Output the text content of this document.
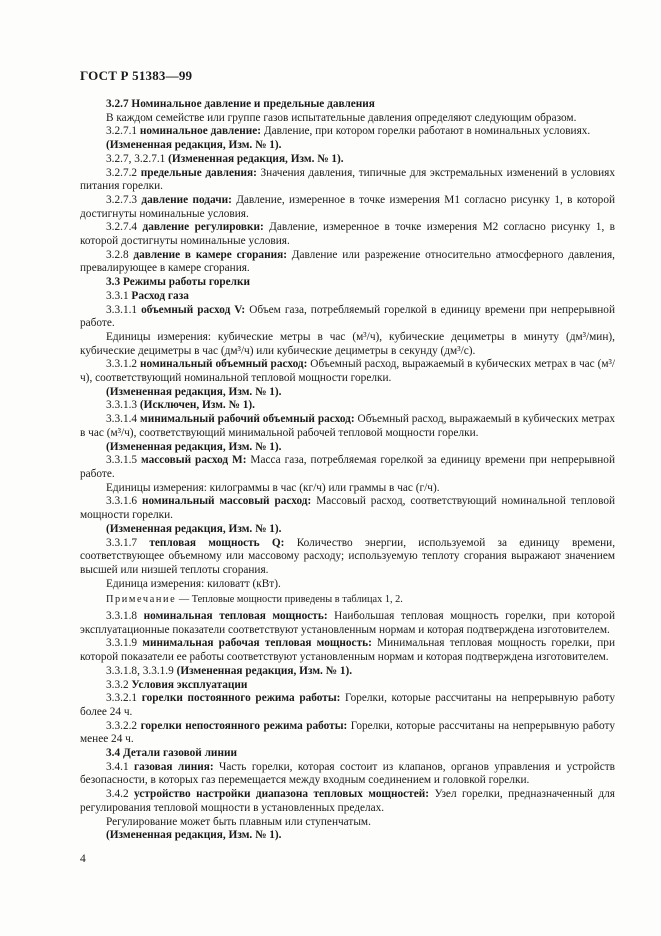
ГОСТ Р 51383—99

3.2.7 Номинальное давление и предельные давления

В каждом семействе или группе газов испытательные давления определяют следующим образом.

3.2.7.1 номинальное давление: Давление, при котором горелки работают в номинальных условиях.

(Измененная редакция, Изм. № 1).

3.2.7, 3.2.7.1 (Измененная редакция, Изм. № 1).

3.2.7.2 предельные давления: Значения давления, типичные для экстремальных изменений в условиях питания горелки.

3.2.7.3 давление подачи: Давление, измеренное в точке измерения M1 согласно рисунку 1, в которой достигнуты номинальные условия.

3.2.7.4 давление регулировки: Давление, измеренное в точке измерения M2 согласно рисунку 1, в которой достигнуты номинальные условия.

3.2.8 давление в камере сгорания: Давление или разрежение относительно атмосферного давления, превалирующее в камере сгорания.

3.3 Режимы работы горелки

3.3.1 Расход газа

3.3.1.1 объемный расход V: Объем газа, потребляемый горелкой в единицу времени при непрерывной работе.

Единицы измерения: кубические метры в час (м³/ч), кубические дециметры в минуту (дм³/мин), кубические дециметры в час (дм³/ч) или кубические дециметры в секунду (дм³/с).

3.3.1.2 номинальный объемный расход: Объемный расход, выражаемый в кубических метрах в час (м³/ч), соответствующий номинальной тепловой мощности горелки.

(Измененная редакция, Изм. № 1).

3.3.1.3 (Исключен, Изм. № 1).

3.3.1.4 минимальный рабочий объемный расход: Объемный расход, выражаемый в кубических метрах в час (м³/ч), соответствующий минимальной рабочей тепловой мощности горелки.

(Измененная редакция, Изм. № 1).

3.3.1.5 массовый расход M: Масса газа, потребляемая горелкой за единицу времени при непрерывной работе.

Единицы измерения: килограммы в час (кг/ч) или граммы в час (г/ч).

3.3.1.6 номинальный массовый расход: Массовый расход, соответствующий номинальной тепловой мощности горелки.

(Измененная редакция, Изм. № 1).

3.3.1.7 тепловая мощность Q: Количество энергии, используемой за единицу времени, соответствующее объемному или массовому расходу; используемую теплоту сгорания выражают значением высшей или низшей теплоты сгорания.

Единица измерения: киловатт (кВт).

Примечание — Тепловые мощности приведены в таблицах 1, 2.

3.3.1.8 номинальная тепловая мощность: Наибольшая тепловая мощность горелки, при которой эксплуатационные показатели соответствуют установленным нормам и которая подтверждена изготовителем.

3.3.1.9 минимальная рабочая тепловая мощность: Минимальная тепловая мощность горелки, при которой показатели ее работы соответствуют установленным нормам и которая подтверждена изготовителем.

3.3.1.8, 3.3.1.9 (Измененная редакция, Изм. № 1).

3.3.2 Условия эксплуатации

3.3.2.1 горелки постоянного режима работы: Горелки, которые рассчитаны на непрерывную работу более 24 ч.

3.3.2.2 горелки непостоянного режима работы: Горелки, которые рассчитаны на непрерывную работу менее 24 ч.

3.4 Детали газовой линии

3.4.1 газовая линия: Часть горелки, которая состоит из клапанов, органов управления и устройств безопасности, в которых газ перемещается между входным соединением и головкой горелки.

3.4.2 устройство настройки диапазона тепловых мощностей: Узел горелки, предназначенный для регулирования тепловой мощности в установленных пределах.

Регулирование может быть плавным или ступенчатым.

(Измененная редакция, Изм. № 1).

4
